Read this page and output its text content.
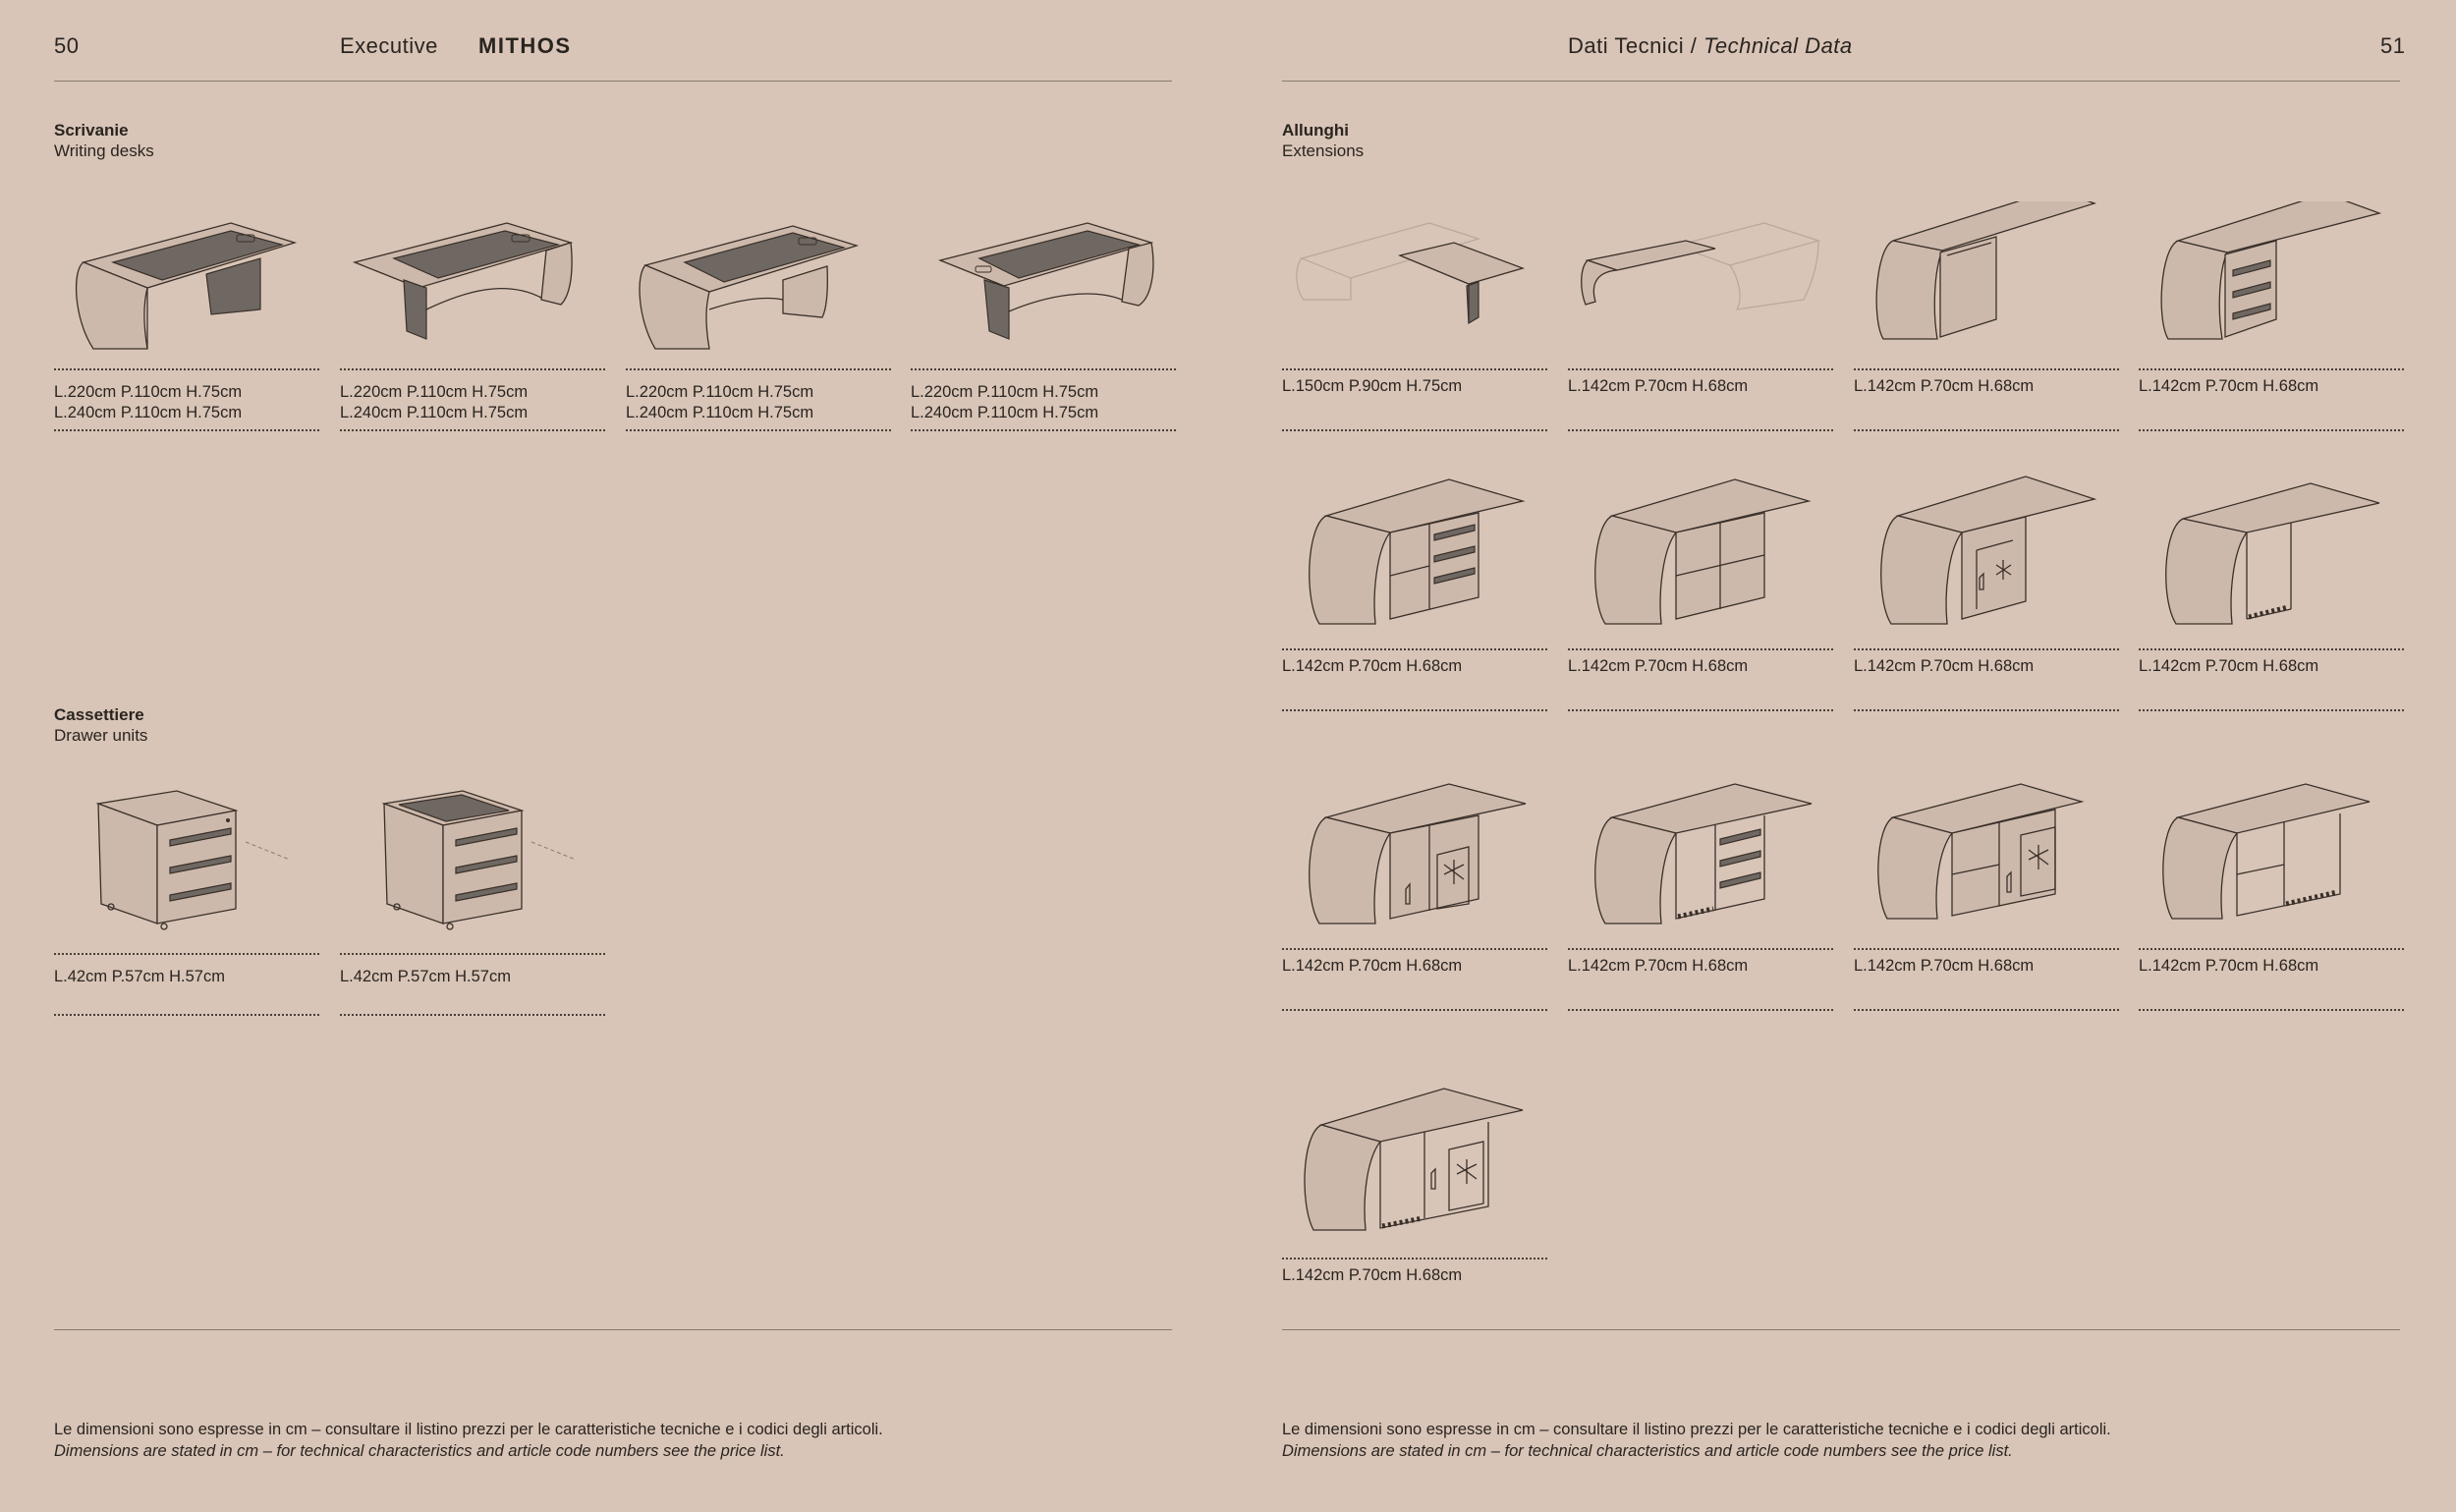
50	Executive MITHOS
Scrivanie
Writing desks
L.220cm P.110cm H.75cm
L.240cm P.110cm H.75cm
L.220cm P.110cm H.75cm
L.240cm P.110cm H.75cm
L.220cm P.110cm H.75cm
L.240cm P.110cm H.75cm
L.220cm P.110cm H.75cm
L.240cm P.110cm H.75cm
Cassettiere
Drawer units
L.42cm P.57cm H.57cm	L.42cm P.57cm H.57cm
Le dimensioni sono espresse in cm – consultare il listino prezzi per le caratteristiche tecniche e i codici degli articoli.
Dimensions are stated in cm – for technical characteristics and article code numbers see the price list.
Dati Tecnici / Technical Data	51
Allunghi
Extensions
L.150cm P.90cm H.75cm	L.142cm P.70cm H.68cm	L.142cm P.70cm H.68cm	L.142cm P.70cm H.68cm
L.142cm P.70cm H.68cm	L.142cm P.70cm H.68cm	L.142cm P.70cm H.68cm	L.142cm P.70cm H.68cm
L.142cm P.70cm H.68cm	L.142cm P.70cm H.68cm	L.142cm P.70cm H.68cm	L.142cm P.70cm H.68cm
L.142cm P.70cm H.68cm
Le dimensioni sono espresse in cm – consultare il listino prezzi per le caratteristiche tecniche e i codici degli articoli.
Dimensions are stated in cm – for technical characteristics and article code numbers see the price list.
